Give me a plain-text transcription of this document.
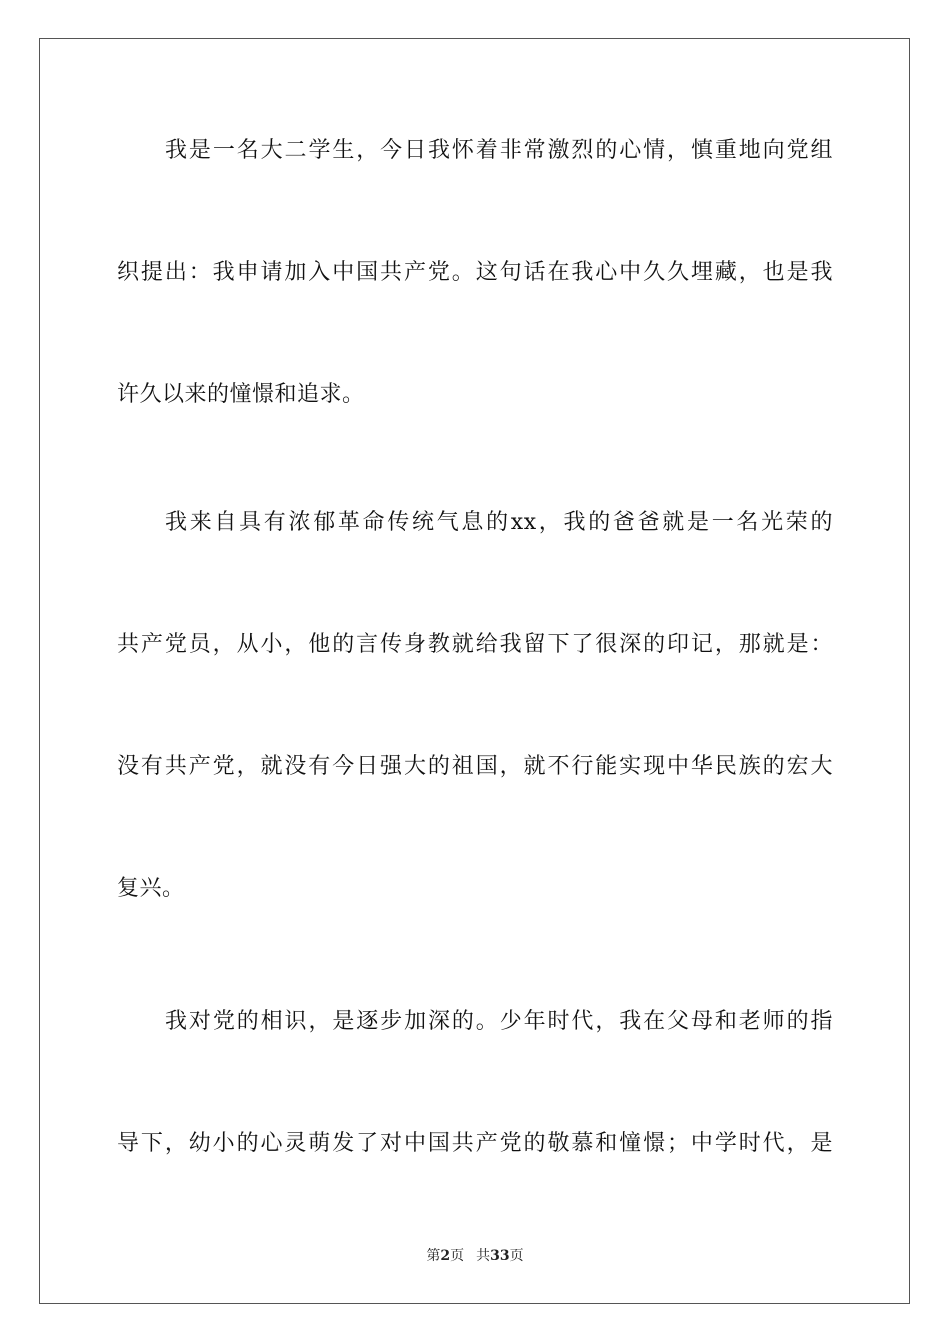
我是一名大二学生，今日我怀着非常激烈的心情，慎重地向党组
织提出：我申请加入中国共产党。这句话在我心中久久埋藏，也是我
许久以来的憧憬和追求。
我来自具有浓郁革命传统气息的xx，我的爸爸就是一名光荣的
共产党员，从小，他的言传身教就给我留下了很深的印记，那就是：
没有共产党，就没有今日强大的祖国，就不行能实现中华民族的宏大
复兴。
我对党的相识，是逐步加深的。少年时代，我在父母和老师的指
导下，幼小的心灵萌发了对中国共产党的敬慕和憧憬；中学时代，是
第2页 共33页
